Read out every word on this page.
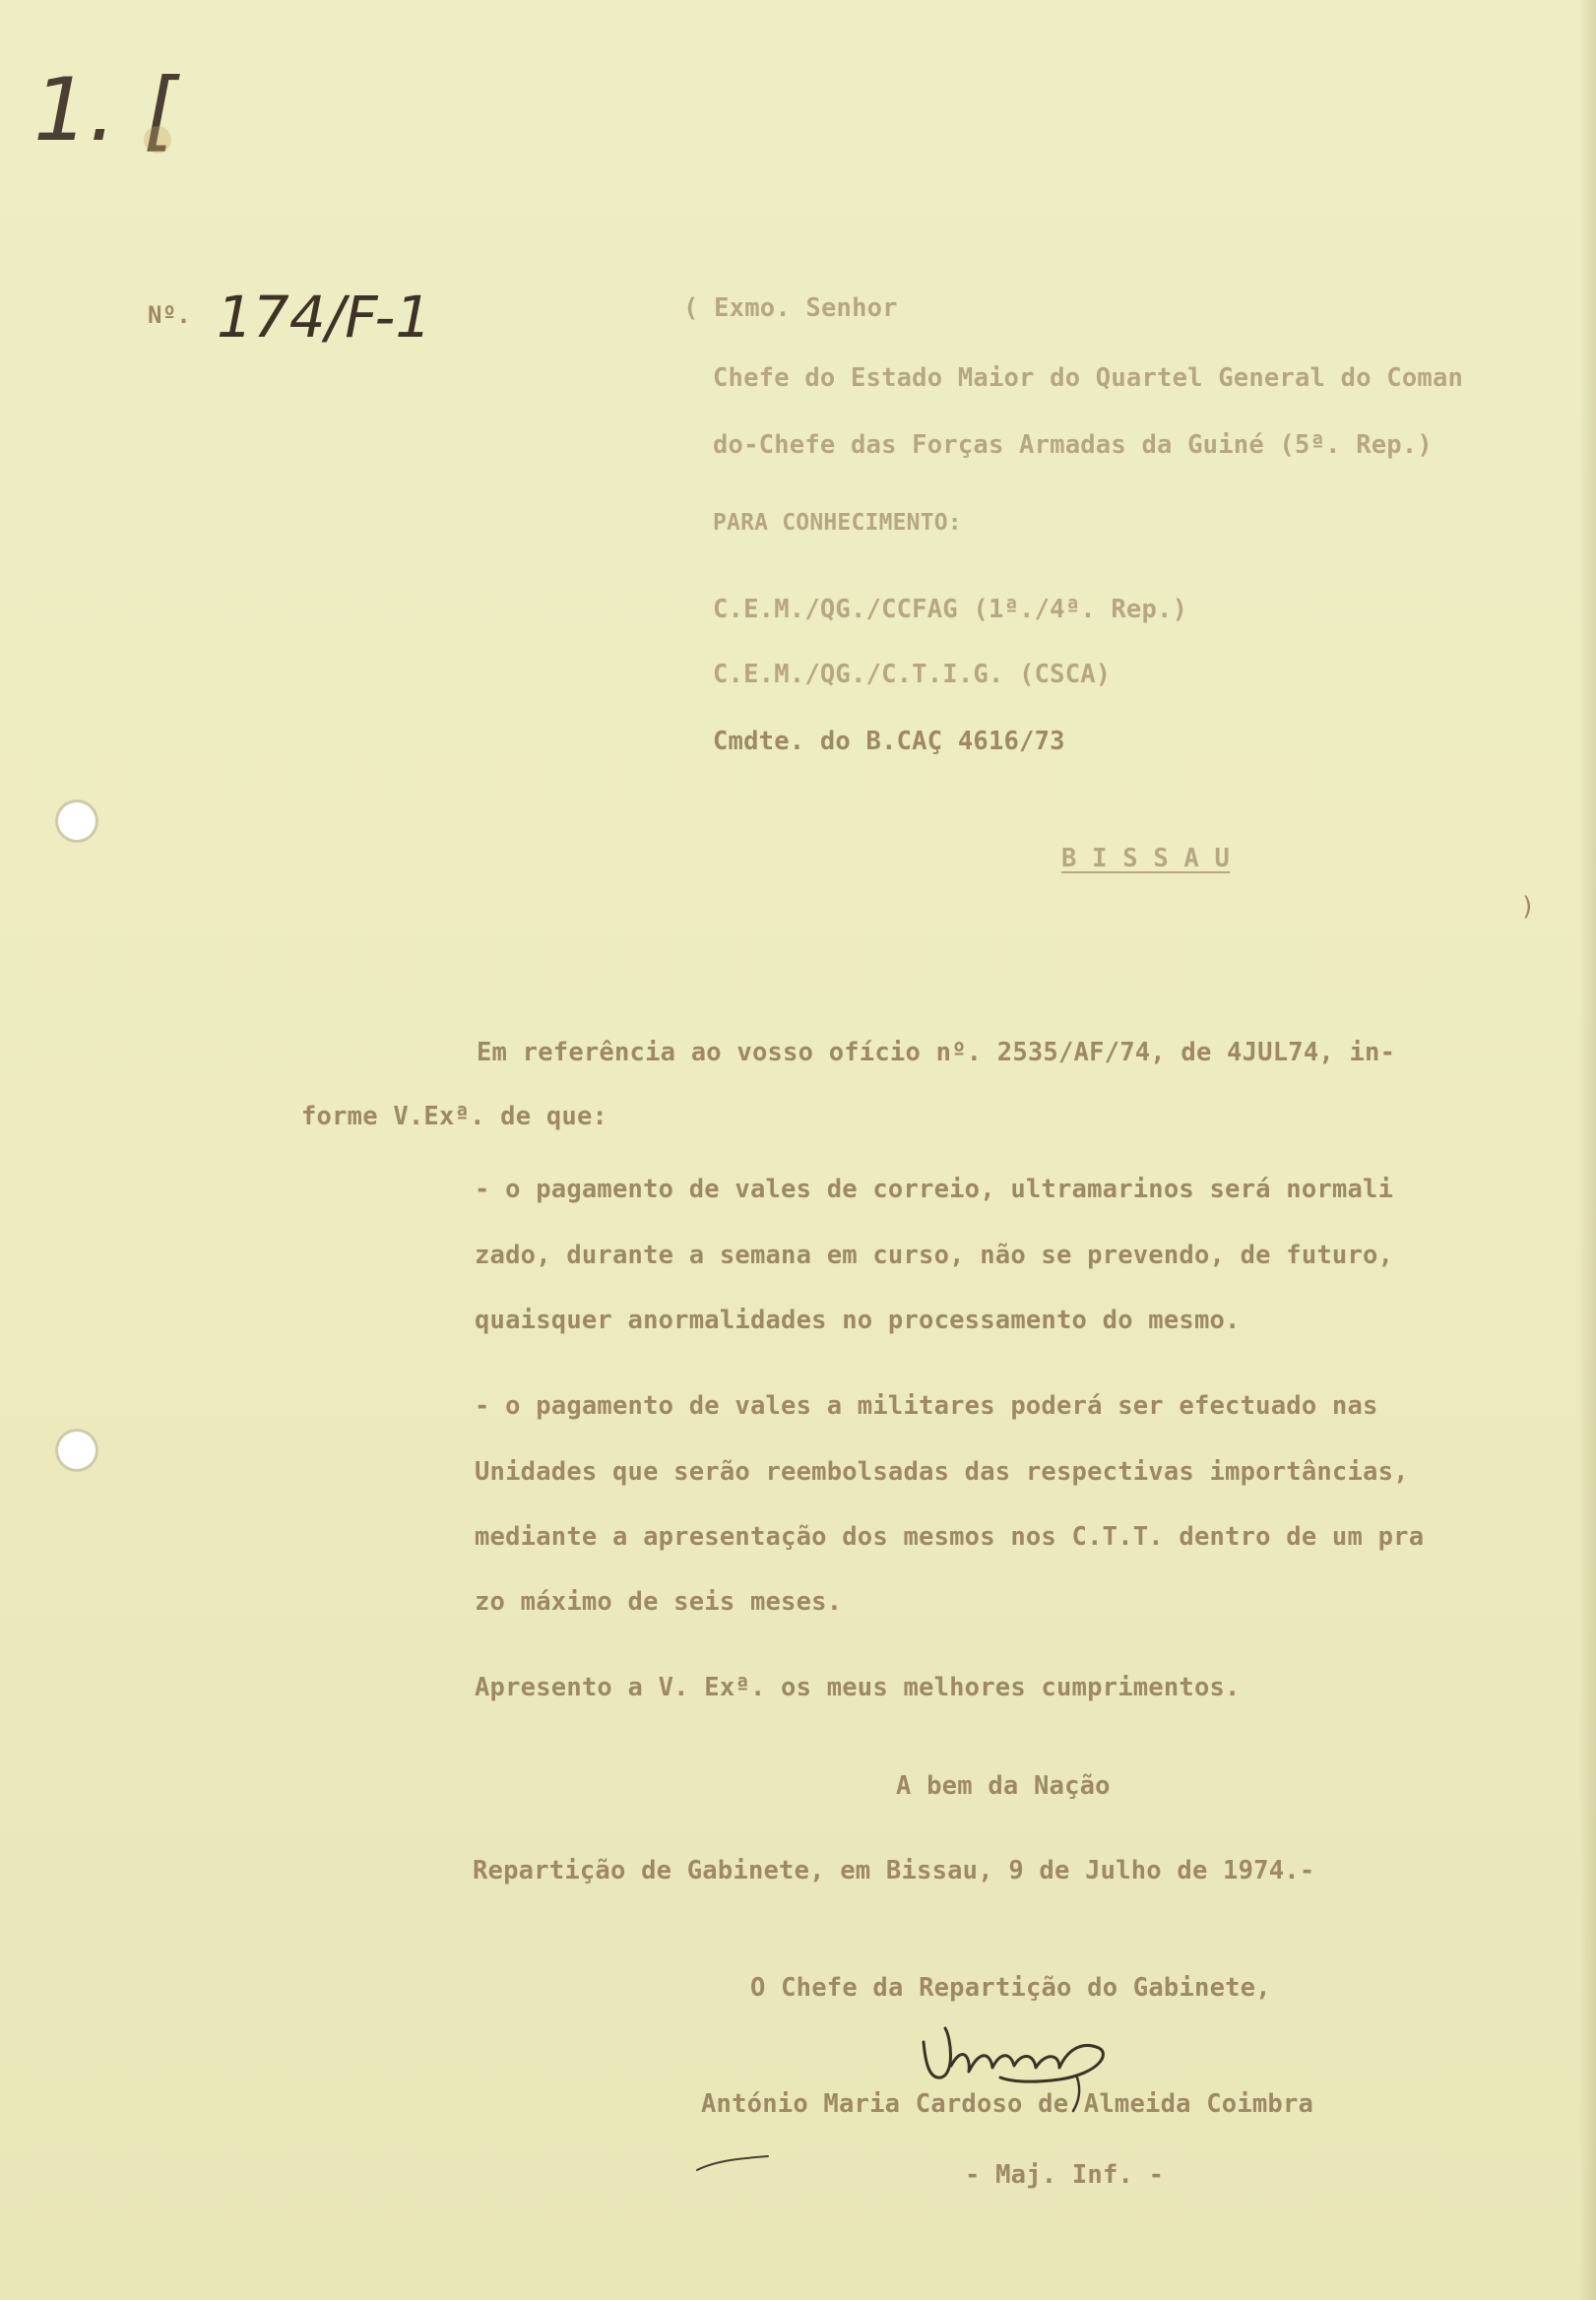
1. [

Nº. 174/F-1	( Exmo. Senhor

Chefe do Estado Maior do Quartel General do Coman

do-Chefe das Forças Armadas da Guiné (5ª. Rep.)

PARA CONHECIMENTO:

C.E.M./QG./CCFAG (1ª./4ª. Rep.)

C.E.M./QG./C.T.I.G. (CSCA)

Cmdte. do B.CAÇ 4616/73

B I S S A U

)

Em referência ao vosso ofício nº. 2535/AF/74, de 4JUL74, in-

forme V.Exª. de que:

- o pagamento de vales de correio, ultramarinos será normali

zado, durante a semana em curso, não se prevendo, de futuro,

quaisquer anormalidades no processamento do mesmo.

- o pagamento de vales a militares poderá ser efectuado nas

Unidades que serão reembolsadas das respectivas importâncias,

mediante a apresentação dos mesmos nos C.T.T. dentro de um pra

zo máximo de seis meses.

Apresento a V. Exª. os meus melhores cumprimentos.

A bem da Nação

Repartição de Gabinete, em Bissau, 9 de Julho de 1974.-

O Chefe da Repartição do Gabinete,

António Maria Cardoso de Almeida Coimbra

- Maj. Inf. -
